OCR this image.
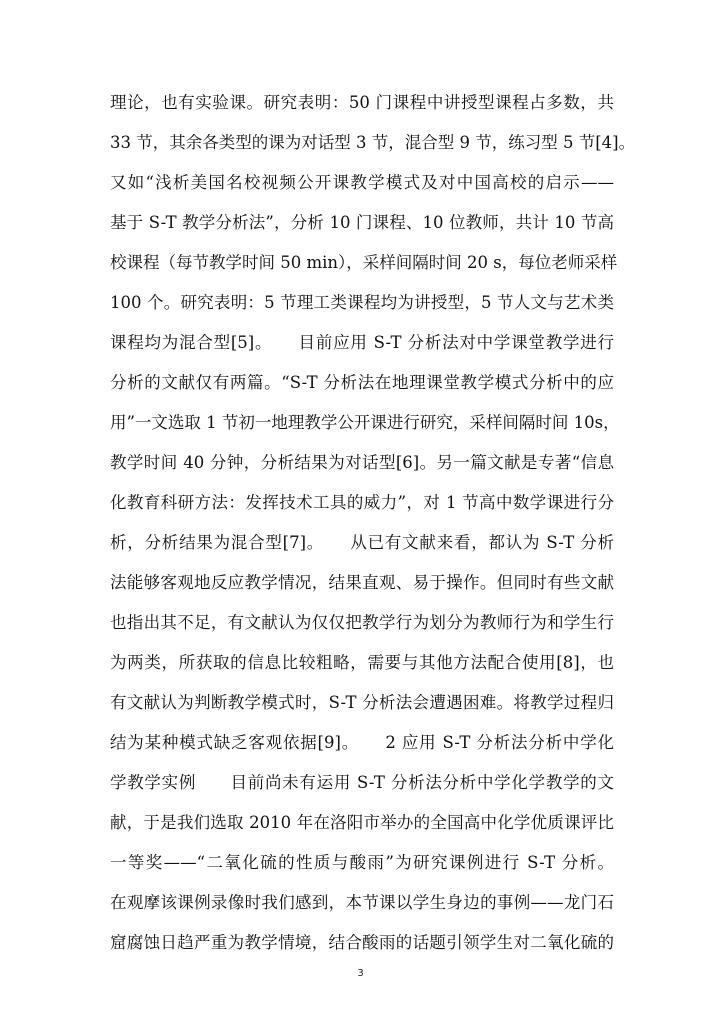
理论，也有实验课。研究表明：50 门课程中讲授型课程占多数，共
33 节，其余各类型的课为对话型 3 节，混合型 9 节，练习型 5 节[4]。
又如“浅析美国名校视频公开课教学模式及对中国高校的启示——
基于 S-T 教学分析法”，分析 10 门课程、10 位教师，共计 10 节高
校课程（每节教学时间 50 min），采样间隔时间 20 s，每位老师采样
100 个。研究表明：5 节理工类课程均为讲授型，5 节人文与艺术类
课程均为混合型[5]。　　目前应用 S-T 分析法对中学课堂教学进行
分析的文献仅有两篇。“S-T 分析法在地理课堂教学模式分析中的应
用”一文选取 1 节初一地理教学公开课进行研究，采样间隔时间 10s，
教学时间 40 分钟，分析结果为对话型[6]。另一篇文献是专著“信息
化教育科研方法：发挥技术工具的威力”，对 1 节高中数学课进行分
析，分析结果为混合型[7]。　　从已有文献来看，都认为 S-T 分析
法能够客观地反应教学情况，结果直观、易于操作。但同时有些文献
也指出其不足，有文献认为仅仅把教学行为划分为教师行为和学生行
为两类，所获取的信息比较粗略，需要与其他方法配合使用[8]，也
有文献认为判断教学模式时，S-T 分析法会遭遇困难。将教学过程归
结为某种模式缺乏客观依据[9]。　　2 应用 S-T 分析法分析中学化
学教学实例　　目前尚未有运用 S-T 分析法分析中学化学教学的文
献，于是我们选取 2010 年在洛阳市举办的全国高中化学优质课评比
一等奖——“二氧化硫的性质与酸雨”为研究课例进行 S-T 分析。
在观摩该课例录像时我们感到，本节课以学生身边的事例——龙门石
窟腐蚀日趋严重为教学情境，结合酸雨的话题引领学生对二氧化硫的
3
